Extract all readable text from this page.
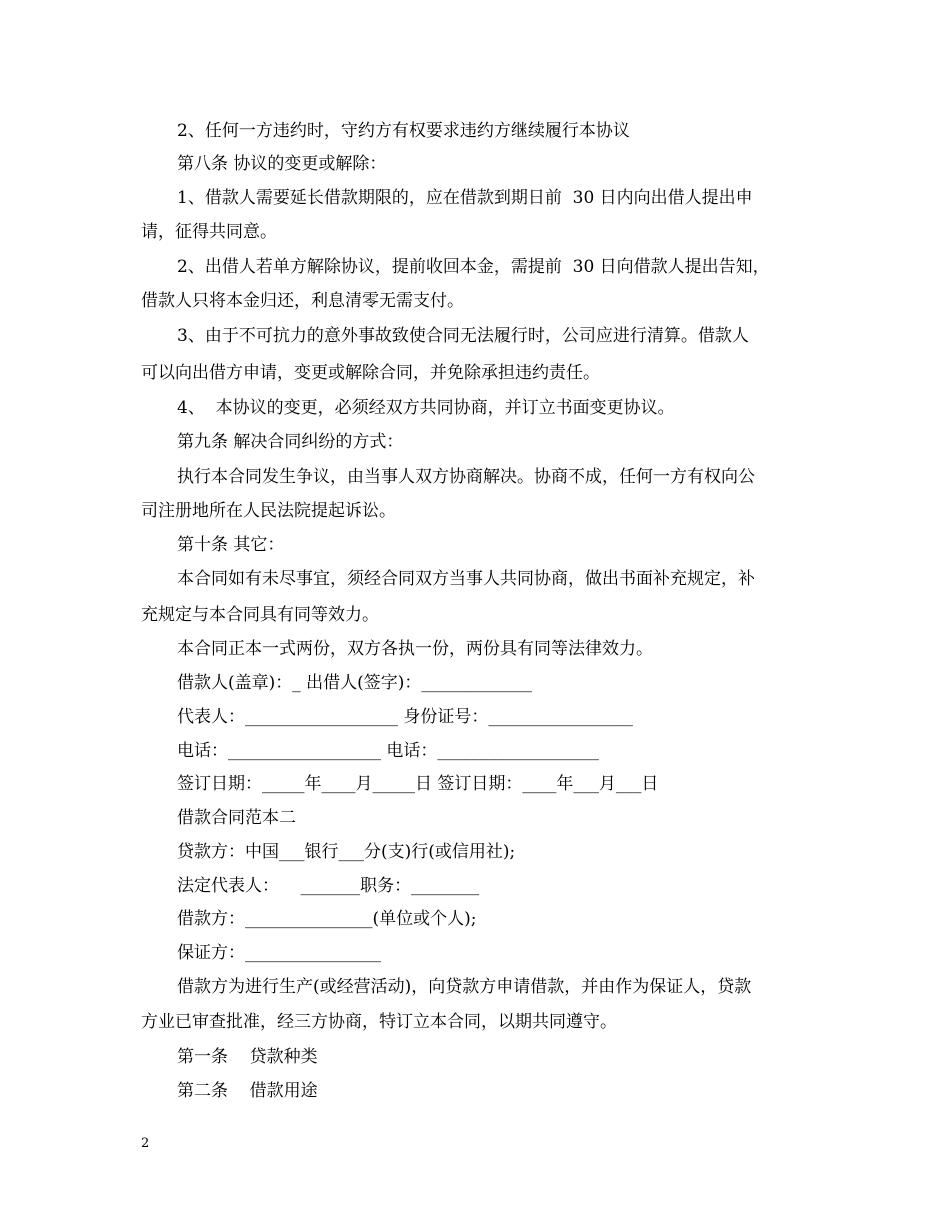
2、任何一方违约时，守约方有权要求违约方继续履行本协议
第八条 协议的变更或解除：
1、借款人需要延长借款期限的，应在借款到期日前  30 日内向出借人提出申
请，征得共同意。
2、出借人若单方解除协议，提前收回本金，需提前  30 日向借款人提出告知，
借款人只将本金归还，利息清零无需支付。
3、由于不可抗力的意外事故致使合同无法履行时，公司应进行清算。借款人
可以向出借方申请，变更或解除合同，并免除承担违约责任。
4、  本协议的变更，必须经双方共同协商，并订立书面变更协议。
第九条 解决合同纠纷的方式：
执行本合同发生争议，由当事人双方协商解决。协商不成，任何一方有权向公
司注册地所在人民法院提起诉讼。
第十条 其它：
本合同如有未尽事宜，须经合同双方当事人共同协商，做出书面补充规定，补
充规定与本合同具有同等效力。
本合同正本一式两份，双方各执一份，两份具有同等法律效力。
借款人(盖章)：_ 出借人(签字)：_____________
代表人：__________________ 身份证号：_________________
电话：__________________ 电话：___________________
签订日期：_____年____月_____日 签订日期：____年___月___日
借款合同范本二
贷款方：中国___银行___分(支)行(或信用社);
法定代表人：    _______职务：________
借款方：_______________(单位或个人);
保证方：________________
借款方为进行生产(或经营活动)，向贷款方申请借款，并由作为保证人，贷款
方业已审查批准，经三方协商，特订立本合同，以期共同遵守。
第一条    贷款种类
第二条    借款用途
2
